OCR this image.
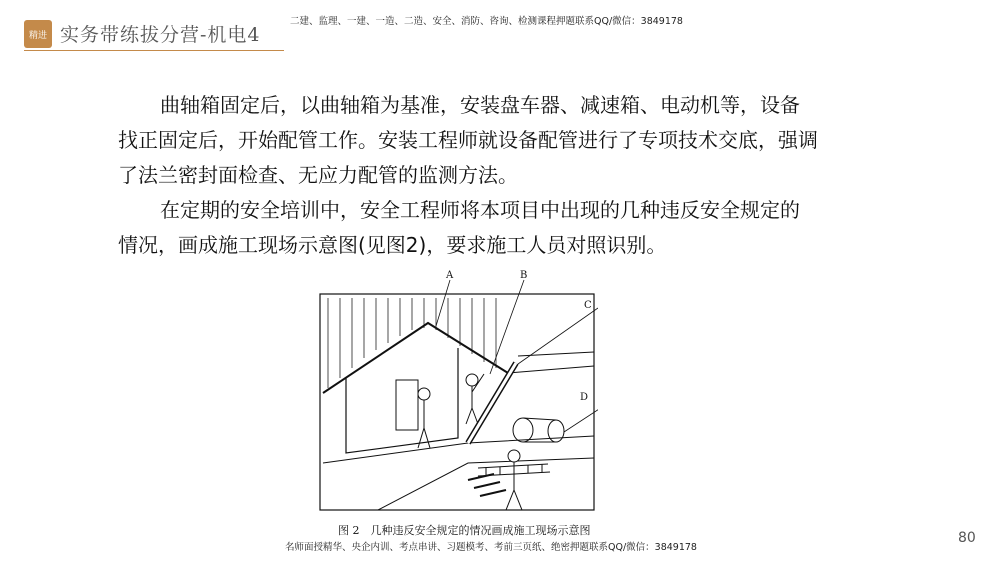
精进 实务带练拔分营-机电4
二建、监理、一建、一造、二造、安全、消防、咨询、检测课程押题联系QQ/微信：3849178

曲轴箱固定后，以曲轴箱为基准，安装盘车器、减速箱、电动机等，设备找正固定后，开始配管工作。安装工程师就设备配管进行了专项技术交底，强调了法兰密封面检查、无应力配管的监测方法。

在定期的安全培训中，安全工程师将本项目中出现的几种违反安全规定的情况，画成施工现场示意图(见图2)，要求施工人员对照识别。

A	B
C
D
图 2　几种违反安全规定的情况画成施工现场示意图
名师面授精华、央企内训、考点串讲、习题模考、考前三页纸、绝密押题联系QQ/微信：3849178
80
